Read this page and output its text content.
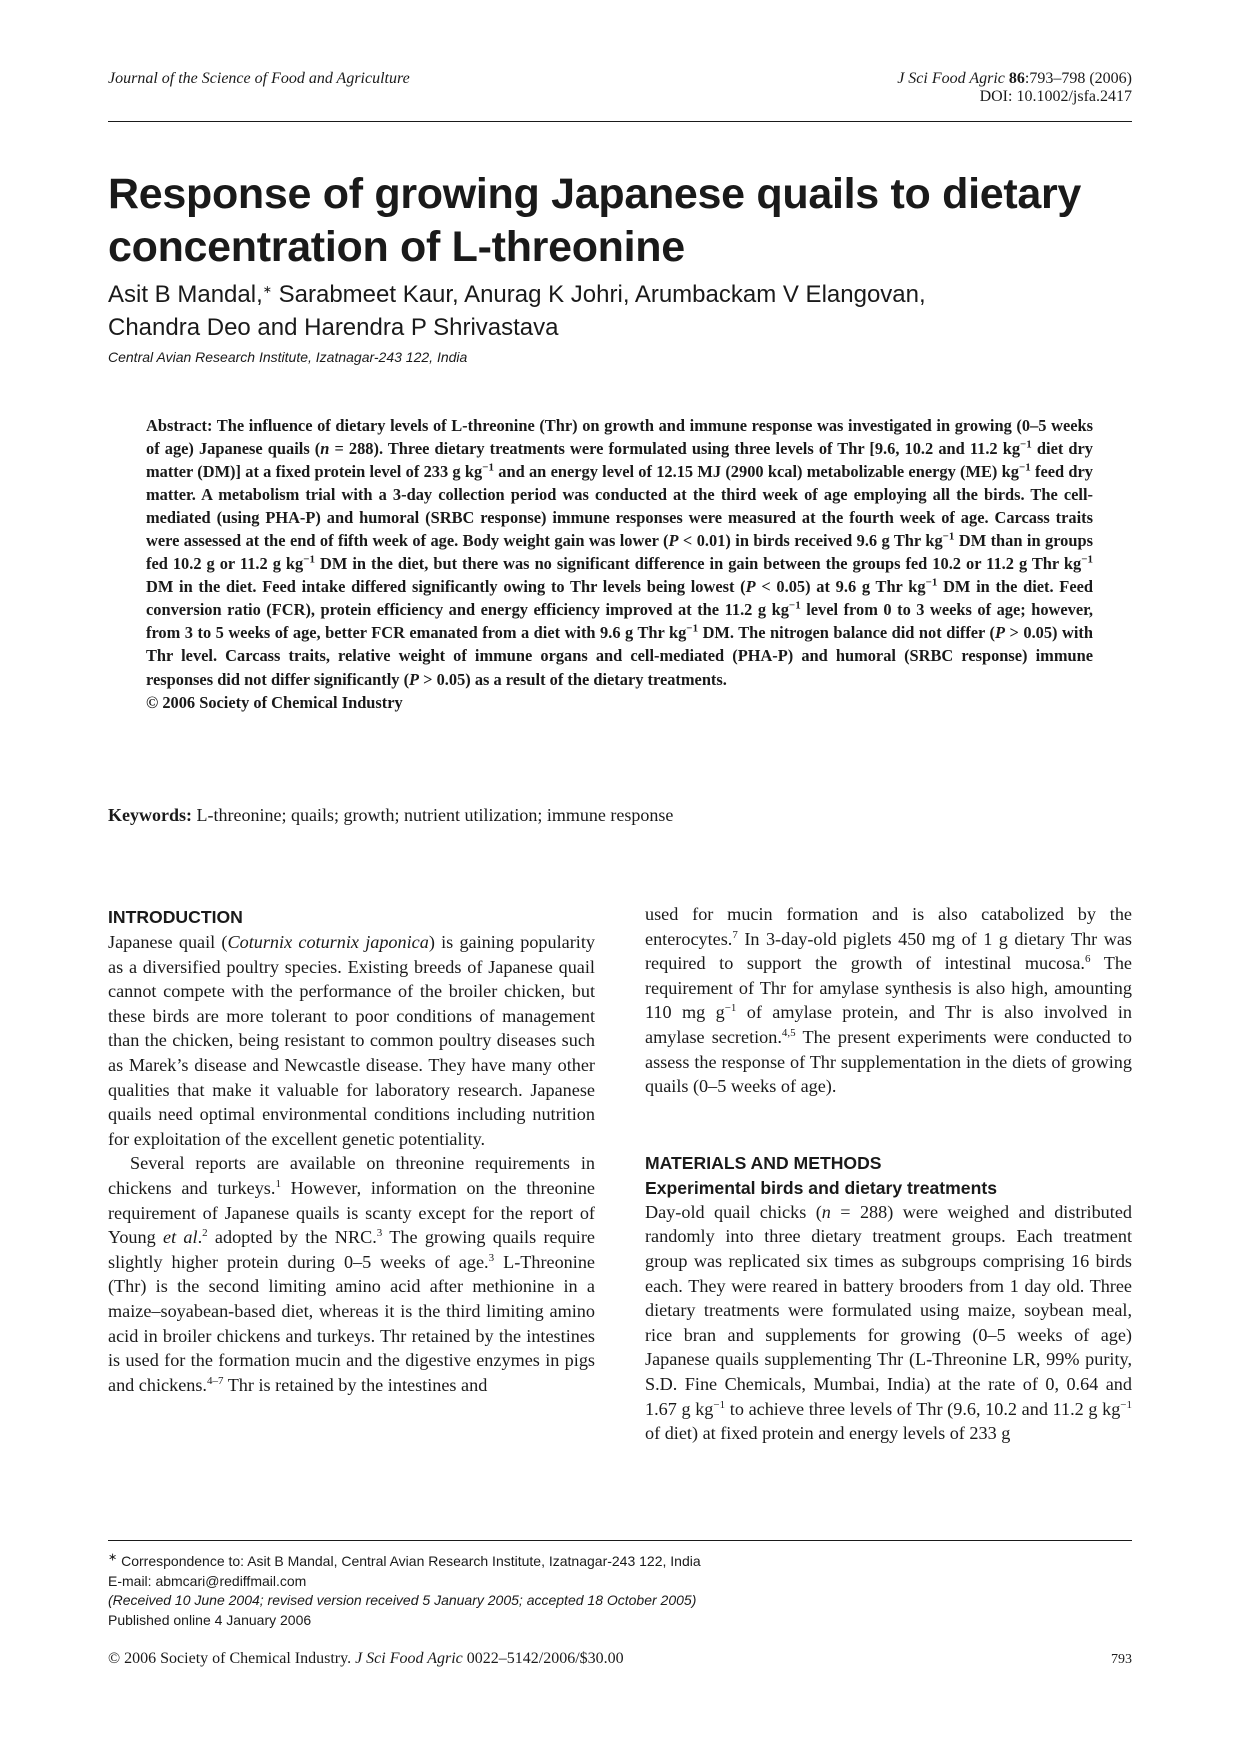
Journal of the Science of Food and Agriculture	J Sci Food Agric 86:793–798 (2006)
DOI: 10.1002/jsfa.2417
Response of growing Japanese quails to dietary concentration of L-threonine
Asit B Mandal,∗ Sarabmeet Kaur, Anurag K Johri, Arumbackam V Elangovan,
Chandra Deo and Harendra P Shrivastava
Central Avian Research Institute, Izatnagar-243 122, India
Abstract: The influence of dietary levels of L-threonine (Thr) on growth and immune response was investigated in growing (0–5 weeks of age) Japanese quails (n = 288). Three dietary treatments were formulated using three levels of Thr [9.6, 10.2 and 11.2 $kg^{-1}$ diet dry matter (DM)] at a fixed protein level of 233 g $kg^{-1}$ and an energy level of 12.15 MJ (2900 kcal) metabolizable energy (ME) $kg^{-1}$ feed dry matter. A metabolism trial with a 3-day collection period was conducted at the third week of age employing all the birds. The cell-mediated (using PHA-P) and humoral (SRBC response) immune responses were measured at the fourth week of age. Carcass traits were assessed at the end of fifth week of age. Body weight gain was lower (P < 0.01) in birds received 9.6 g Thr $kg^{-1}$ DM than in groups fed 10.2 g or 11.2 g $kg^{-1}$ DM in the diet, but there was no significant difference in gain between the groups fed 10.2 or 11.2 g Thr $kg^{-1}$ DM in the diet. Feed intake differed significantly owing to Thr levels being lowest (P < 0.05) at 9.6 g Thr $kg^{-1}$ DM in the diet. Feed conversion ratio (FCR), protein efficiency and energy efficiency improved at the 11.2 g $kg^{-1}$ level from 0 to 3 weeks of age; however, from 3 to 5 weeks of age, better FCR emanated from a diet with 9.6 g Thr $kg^{-1}$ DM. The nitrogen balance did not differ (P > 0.05) with Thr level. Carcass traits, relative weight of immune organs and cell-mediated (PHA-P) and humoral (SRBC response) immune responses did not differ significantly (P > 0.05) as a result of the dietary treatments.
© 2006 Society of Chemical Industry
Keywords: L-threonine; quails; growth; nutrient utilization; immune response
INTRODUCTION

Japanese quail (Coturnix coturnix japonica) is gaining popularity as a diversified poultry species. Existing breeds of Japanese quail cannot compete with the performance of the broiler chicken, but these birds are more tolerant to poor conditions of management than the chicken, being resistant to common poultry diseases such as Marek’s disease and Newcastle disease. They have many other qualities that make it valuable for laboratory research. Japanese quails need optimal environmental conditions including nutrition for exploitation of the excellent genetic potentiality.

Several reports are available on threonine requirements in chickens and turkeys.$^1$ However, information on the threonine requirement of Japanese quails is scanty except for the report of Young et al.$^2$ adopted by the NRC.$^3$ The growing quails require slightly higher protein during 0–5 weeks of age.$^3$ L-Threonine (Thr) is the second limiting amino acid after methionine in a maize–soyabean-based diet, whereas it is the third limiting amino acid in broiler chickens and turkeys. Thr retained by the intestines is used for the formation mucin and the digestive enzymes in pigs and chickens.$^{4-7}$ Thr is retained by the intestines and

used for mucin formation and is also catabolized by the enterocytes.$^7$ In 3-day-old piglets 450 mg of 1 g dietary Thr was required to support the growth of intestinal mucosa.$^6$ The requirement of Thr for amylase synthesis is also high, amounting 110 mg $g^{-1}$ of amylase protein, and Thr is also involved in amylase secretion.$^{4,5}$ The present experiments were conducted to assess the response of Thr supplementation in the diets of growing quails (0–5 weeks of age).

MATERIALS AND METHODS
Experimental birds and dietary treatments

Day-old quail chicks (n = 288) were weighed and distributed randomly into three dietary treatment groups. Each treatment group was replicated six times as subgroups comprising 16 birds each. They were reared in battery brooders from 1 day old. Three dietary treatments were formulated using maize, soybean meal, rice bran and supplements for growing (0–5 weeks of age) Japanese quails supplementing Thr (L-Threonine LR, 99% purity, S.D. Fine Chemicals, Mumbai, India) at the rate of 0, 0.64 and 1.67 g $kg^{-1}$ to achieve three levels of Thr (9.6, 10.2 and 11.2 g $kg^{-1}$ of diet) at fixed protein and energy levels of 233 g

∗ Correspondence to: Asit B Mandal, Central Avian Research Institute, Izatnagar-243 122, India
E-mail: abmcari@rediffmail.com
(Received 10 June 2004; revised version received 5 January 2005; accepted 18 October 2005)
Published online 4 January 2006
© 2006 Society of Chemical Industry. J Sci Food Agric 0022–5142/2006/$30.00	793
